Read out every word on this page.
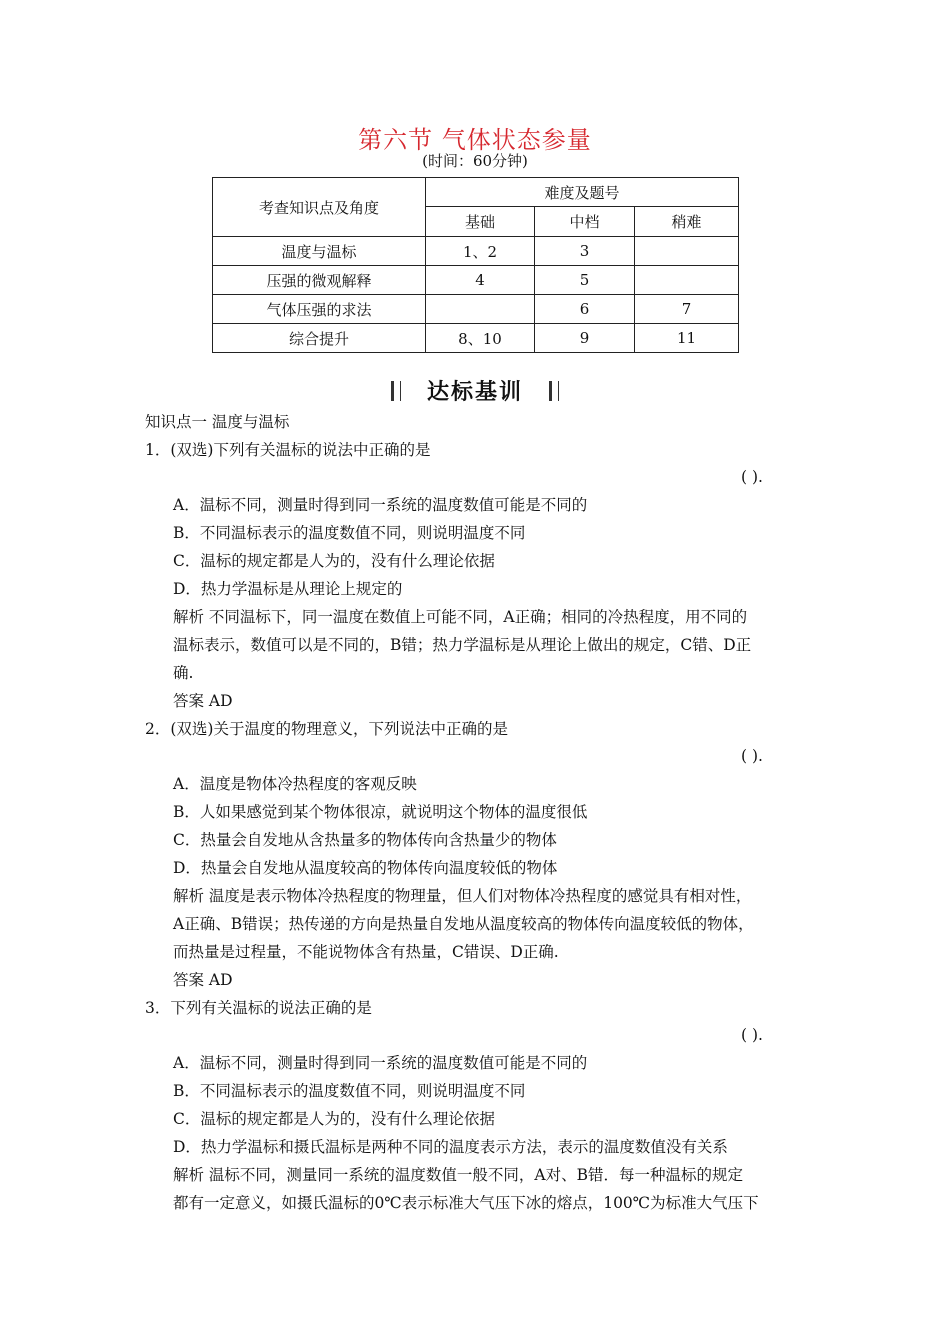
第六节 气体状态参量
(时间：60分钟)
考查知识点及角度	难度及题号		
	基础	中档	稍难
温度与温标	1、2	3	
压强的微观解释	4	5	
气体压强的求法		6	7
综合提升	8、10	9	11
达标基训
知识点一 温度与温标
1．(双选)下列有关温标的说法中正确的是
( ).
A．温标不同，测量时得到同一系统的温度数值可能是不同的
B．不同温标表示的温度数值不同，则说明温度不同
C．温标的规定都是人为的，没有什么理论依据
D．热力学温标是从理论上规定的
解析 不同温标下，同一温度在数值上可能不同，A正确；相同的冷热程度，用不同的
温标表示，数值可以是不同的，B错；热力学温标是从理论上做出的规定，C错、D正
确.
答案 AD
2．(双选)关于温度的物理意义，下列说法中正确的是
( ).
A．温度是物体冷热程度的客观反映
B．人如果感觉到某个物体很凉，就说明这个物体的温度很低
C．热量会自发地从含热量多的物体传向含热量少的物体
D．热量会自发地从温度较高的物体传向温度较低的物体
解析 温度是表示物体冷热程度的物理量，但人们对物体冷热程度的感觉具有相对性，
A正确、B错误；热传递的方向是热量自发地从温度较高的物体传向温度较低的物体，
而热量是过程量，不能说物体含有热量，C错误、D正确.
答案 AD
3．下列有关温标的说法正确的是
( ).
A．温标不同，测量时得到同一系统的温度数值可能是不同的
B．不同温标表示的温度数值不同，则说明温度不同
C．温标的规定都是人为的，没有什么理论依据
D．热力学温标和摄氏温标是两种不同的温度表示方法，表示的温度数值没有关系
解析 温标不同，测量同一系统的温度数值一般不同，A对、B错．每一种温标的规定
都有一定意义，如摄氏温标的0℃表示标准大气压下冰的熔点，100℃为标准大气压下
